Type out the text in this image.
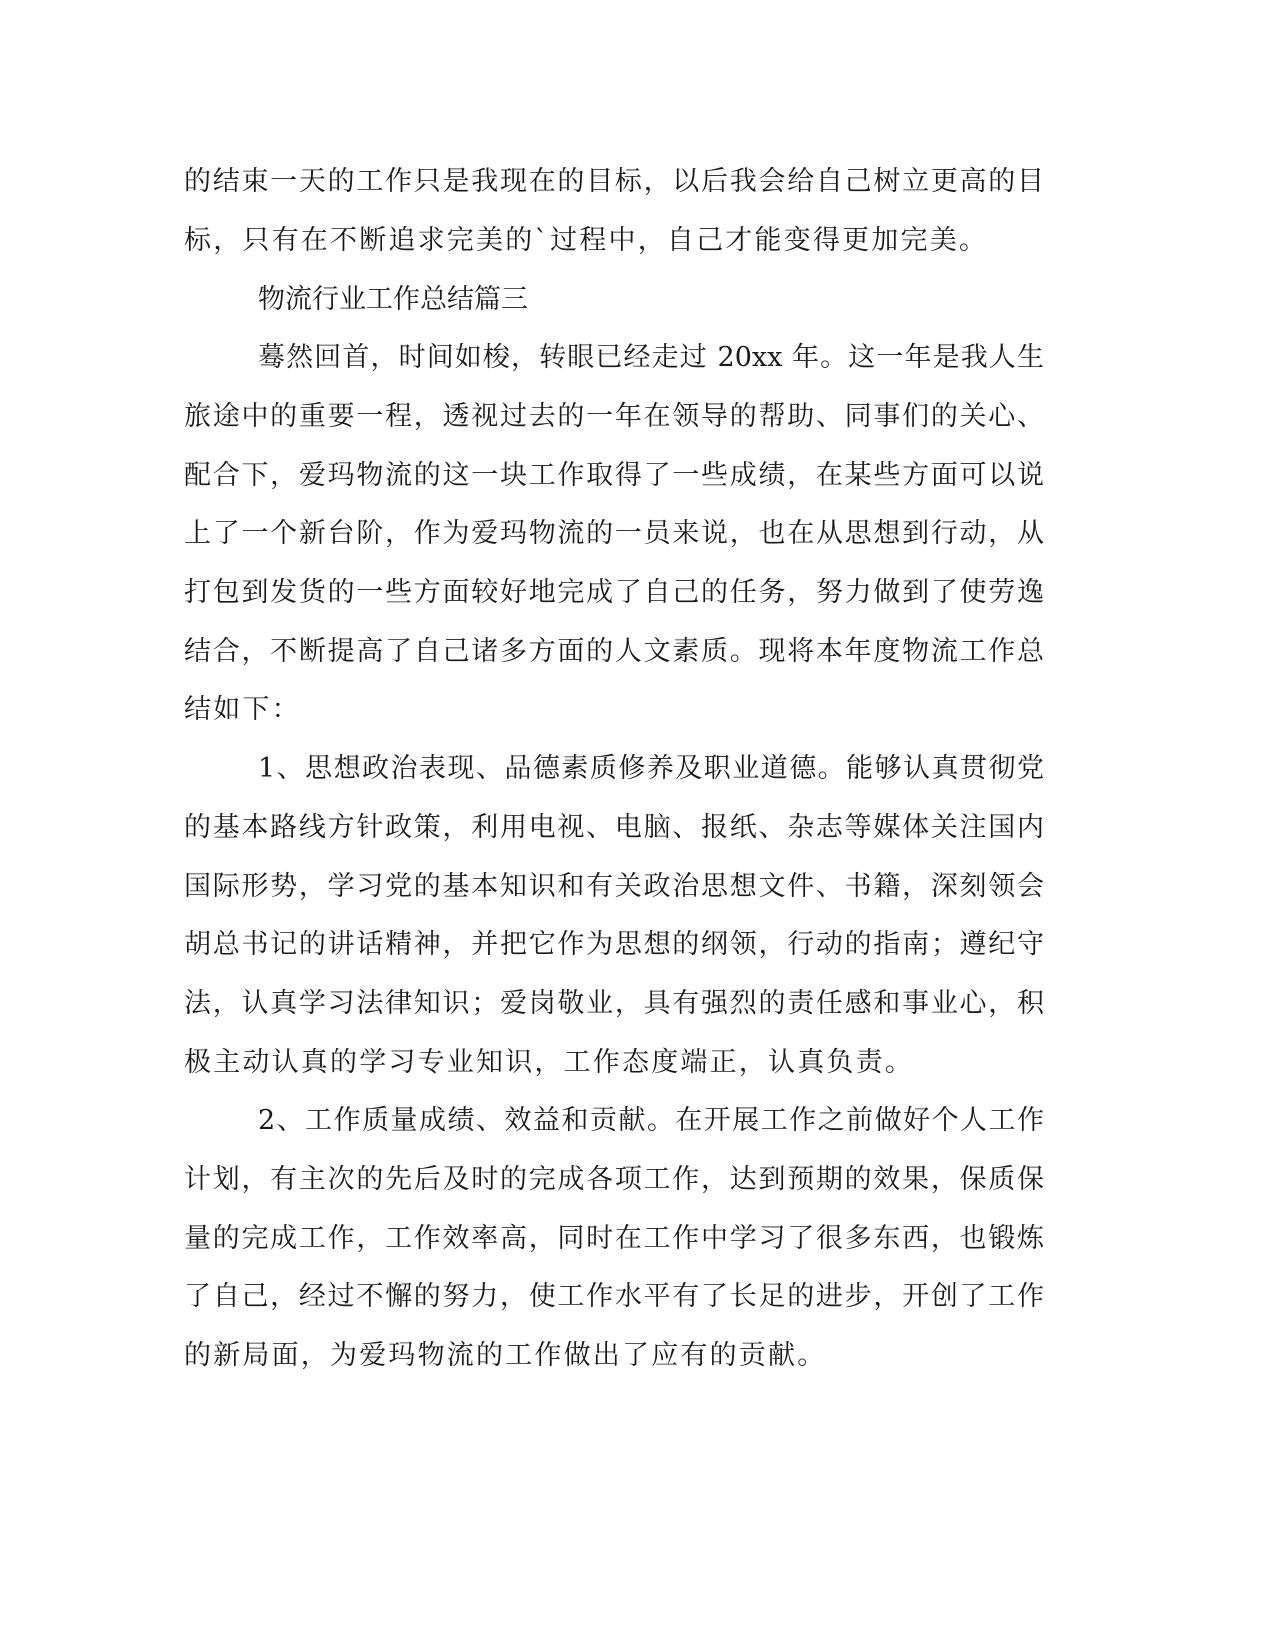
的结束一天的工作只是我现在的目标，以后我会给自己树立更高的目
标，只有在不断追求完美的`过程中，自己才能变得更加完美。
物流行业工作总结篇三
蓦然回首，时间如梭，转眼已经走过 20xx 年。这一年是我人生
旅途中的重要一程，透视过去的一年在领导的帮助、同事们的关心、
配合下，爱玛物流的这一块工作取得了一些成绩，在某些方面可以说
上了一个新台阶，作为爱玛物流的一员来说，也在从思想到行动，从
打包到发货的一些方面较好地完成了自己的任务，努力做到了使劳逸
结合，不断提高了自己诸多方面的人文素质。现将本年度物流工作总
结如下：
1、思想政治表现、品德素质修养及职业道德。能够认真贯彻党
的基本路线方针政策，利用电视、电脑、报纸、杂志等媒体关注国内
国际形势，学习党的基本知识和有关政治思想文件、书籍，深刻领会
胡总书记的讲话精神，并把它作为思想的纲领，行动的指南；遵纪守
法，认真学习法律知识；爱岗敬业，具有强烈的责任感和事业心，积
极主动认真的学习专业知识，工作态度端正，认真负责。
2、工作质量成绩、效益和贡献。在开展工作之前做好个人工作
计划，有主次的先后及时的完成各项工作，达到预期的效果，保质保
量的完成工作，工作效率高，同时在工作中学习了很多东西，也锻炼
了自己，经过不懈的努力，使工作水平有了长足的进步，开创了工作
的新局面，为爱玛物流的工作做出了应有的贡献。
